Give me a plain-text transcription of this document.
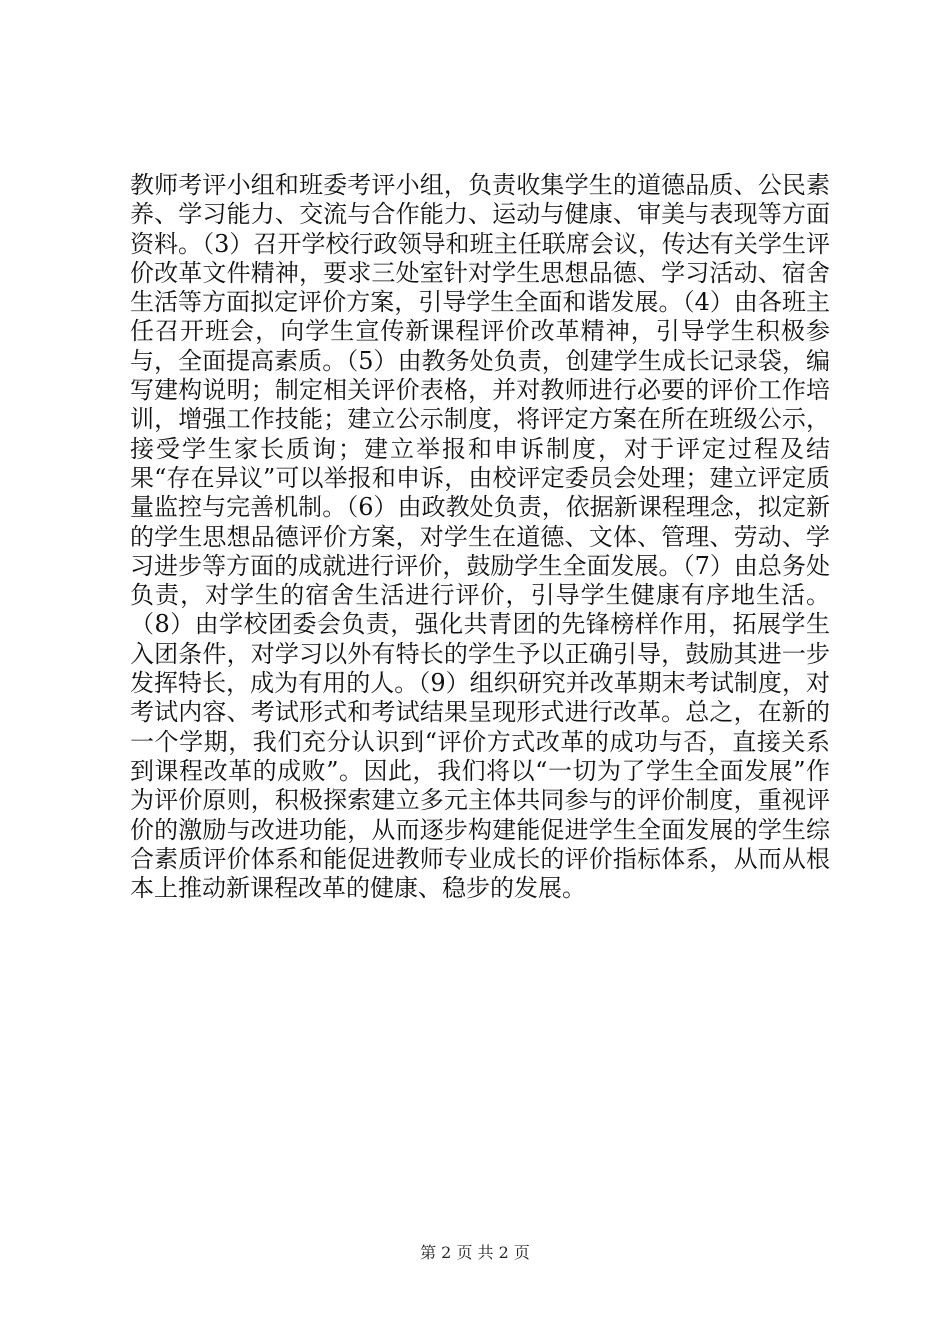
教师考评小组和班委考评小组，负责收集学生的道德品质、公民素养、学习能力、交流与合作能力、运动与健康、审美与表现等方面资料。（3）召开学校行政领导和班主任联席会议，传达有关学生评价改革文件精神，要求三处室针对学生思想品德、学习活动、宿舍生活等方面拟定评价方案，引导学生全面和谐发展。（4）由各班主任召开班会，向学生宣传新课程评价改革精神，引导学生积极参与，全面提高素质。（5）由教务处负责，创建学生成长记录袋，编写建构说明；制定相关评价表格，并对教师进行必要的评价工作培训，增强工作技能；建立公示制度，将评定方案在所在班级公示，接受学生家长质询；建立举报和申诉制度，对于评定过程及结果“存在异议”可以举报和申诉，由校评定委员会处理；建立评定质量监控与完善机制。（6）由政教处负责，依据新课程理念，拟定新的学生思想品德评价方案，对学生在道德、文体、管理、劳动、学习进步等方面的成就进行评价，鼓励学生全面发展。（7）由总务处负责，对学生的宿舍生活进行评价，引导学生健康有序地生活。（8）由学校团委会负责，强化共青团的先锋榜样作用，拓展学生入团条件，对学习以外有特长的学生予以正确引导，鼓励其进一步发挥特长，成为有用的人。（9）组织研究并改革期末考试制度，对考试内容、考试形式和考试结果呈现形式进行改革。总之，在新的一个学期，我们充分认识到“评价方式改革的成功与否，直接关系到课程改革的成败”。因此，我们将以“一切为了学生全面发展”作为评价原则，积极探索建立多元主体共同参与的评价制度，重视评价的激励与改进功能，从而逐步构建能促进学生全面发展的学生综合素质评价体系和能促进教师专业成长的评价指标体系，从而从根本上推动新课程改革的健康、稳步的发展。

第 2 页 共 2 页
